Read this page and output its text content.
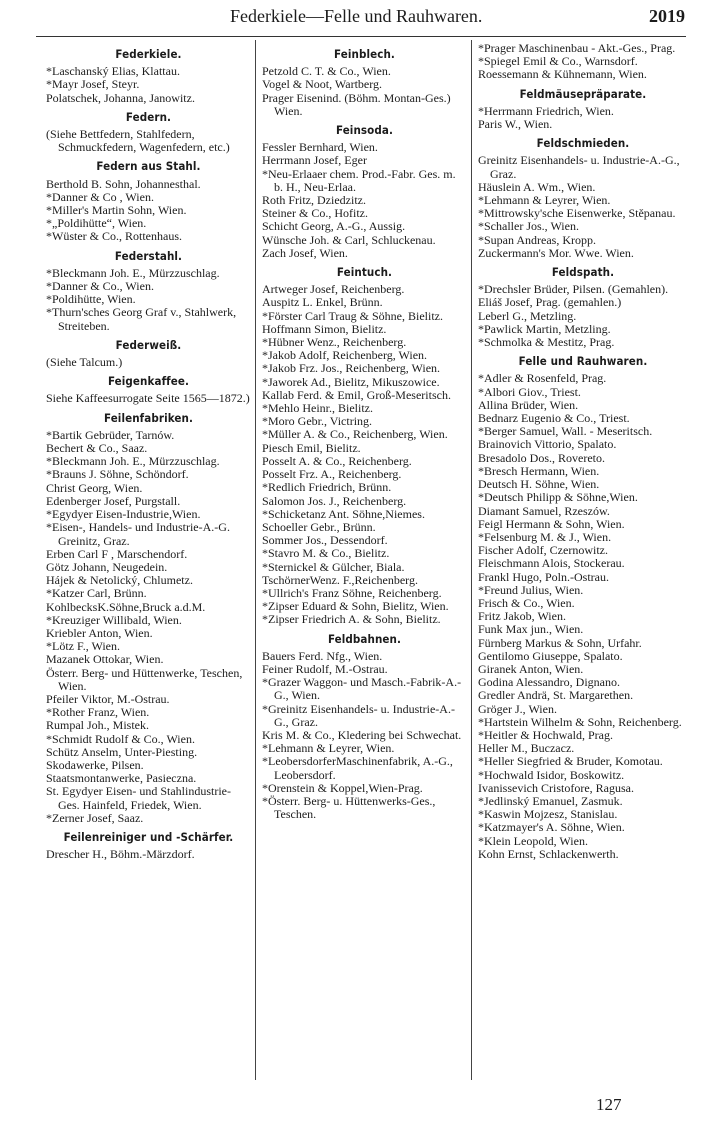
Federkiele—Felle und Rauhwaren.	2019
Federkiele.
*Laschanský Elias, Klattau.
*Mayr Josef, Steyr.
Polatschek, Johanna, Janowitz.
Federn.
(Siehe Bettfedern, Stahlfedern, Schmuckfedern, Wagenfedern, etc.)
Federn aus Stahl.
Berthold B. Sohn, Johannesthal.
*Danner & Co , Wien.
*Miller's Martin Sohn, Wien.
*„Poldihütte“, Wien.
*Wüster & Co., Rottenhaus.
Federstahl.
*Bleckmann Joh. E., Mürzzuschlag.
*Danner & Co., Wien.
*Poldihütte, Wien.
*Thurn'sches Georg Graf v., Stahlwerk, Streiteben.
Federweiß.
(Siehe Talcum.)
Feigenkaffee.
Siehe Kaffeesurrogate Seite 1565—1872.)
Feilenfabriken.
*Bartik Gebrüder, Tarnów.
Bechert & Co., Saaz.
*Bleckmann Joh. E., Mürzzuschlag.
*Brauns J. Söhne, Schöndorf.
Christ Georg, Wien.
Edenberger Josef, Purgstall.
*Egydyer Eisen-Industrie,Wien.
*Eisen-, Handels- und Industrie-A.-G. Greinitz, Graz.
Erben Carl F , Marschendorf.
Götz Johann, Neugedein.
Hájek & Netolický, Chlumetz.
*Katzer Carl, Brünn.
KohlbecksK.Söhne,Bruck a.d.M.
*Kreuziger Willibald, Wien.
Kriebler Anton, Wien.
*Lötz F., Wien.
Mazanek Ottokar, Wien.
Österr. Berg- und Hüttenwerke, Teschen, Wien.
Pfeiler Viktor, M.-Ostrau.
*Rother Franz, Wien.
Rumpal Joh., Mistek.
*Schmidt Rudolf & Co., Wien.
Schütz Anselm, Unter-Piesting.
Skodawerke, Pilsen.
Staatsmontanwerke, Pasieczna.
St. Egydyer Eisen- und Stahlindustrie-Ges. Hainfeld, Friedek, Wien.
*Zerner Josef, Saaz.
Feilenreiniger und -Schärfer.
Drescher H., Böhm.-Märzdorf.
Feinblech.
Petzold C. T. & Co., Wien.
Vogel & Noot, Wartberg.
Prager Eisenind. (Böhm. Montan-Ges.) Wien.
Feinsoda.
Fessler Bernhard, Wien.
Herrmann Josef, Eger
*Neu-Erlaaer chem. Prod.-Fabr. Ges. m. b. H., Neu-Erlaa.
Roth Fritz, Dziedzitz.
Steiner & Co., Hofitz.
Schicht Georg, A.-G., Aussig.
Wünsche Joh. & Carl, Schluckenau.
Zach Josef, Wien.
Feintuch.
Artweger Josef, Reichenberg.
Auspitz L. Enkel, Brünn.
*Förster Carl Traug & Söhne, Bielitz.
Hoffmann Simon, Bielitz.
*Hübner Wenz., Reichenberg.
*Jakob Adolf, Reichenberg, Wien.
*Jakob Frz. Jos., Reichenberg, Wien.
*Jaworek Ad., Bielitz, Mikuszowice.
Kallab Ferd. & Emil, Groß-Meseritsch.
*Mehlo Heinr., Bielitz.
*Moro Gebr., Victring.
*Müller A. & Co., Reichenberg, Wien.
Piesch Emil, Bielitz.
Posselt A. & Co., Reichenberg.
Posselt Frz. A., Reichenberg.
*Redlich Friedrich, Brünn.
Salomon Jos. J., Reichenberg.
*Schicketanz Ant. Söhne,Niemes.
Schoeller Gebr., Brünn.
Sommer Jos., Dessendorf.
*Stavro M. & Co., Bielitz.
*Sternickel & Gülcher, Biala.
TschörnerWenz. F.,Reichenberg.
*Ullrich's Franz Söhne, Reichenberg.
*Zipser Eduard & Sohn, Bielitz, Wien.
*Zipser Friedrich A. & Sohn, Bielitz.
Feldbahnen.
Bauers Ferd. Nfg., Wien.
Feiner Rudolf, M.-Ostrau.
*Grazer Waggon- und Masch.-Fabrik-A.-G., Wien.
*Greinitz Eisenhandels- u. Industrie-A.-G., Graz.
Kris M. & Co., Kledering bei Schwechat.
*Lehmann & Leyrer, Wien.
*LeobersdorferMaschinenfabrik, A.-G., Leobersdorf.
*Orenstein & Koppel,Wien-Prag.
*Österr. Berg- u. Hüttenwerks-Ges., Teschen.
*Prager Maschinenbau - Akt.-Ges., Prag.
*Spiegel Emil & Co., Warnsdorf.
Roessemann & Kühnemann, Wien.
Feldmäusepräparate.
*Herrmann Friedrich, Wien.
Paris W., Wien.
Feldschmieden.
Greinitz Eisenhandels- u. Industrie-A.-G., Graz.
Häuslein A. Wm., Wien.
*Lehmann & Leyrer, Wien.
*Mittrowsky'sche Eisenwerke, Stěpanau.
*Schaller Jos., Wien.
*Supan Andreas, Kropp.
Zuckermann's Mor. Wwe. Wien.
Feldspath.
*Drechsler Brüder, Pilsen. (Gemahlen).
Eliáš Josef, Prag. (gemahlen.)
Leberl G., Metzling.
*Pawlick Martin, Metzling.
*Schmolka & Mestitz, Prag.
Felle und Rauhwaren.
*Adler & Rosenfeld, Prag.
*Albori Giov., Triest.
Allina Brüder, Wien.
Bednarz Eugenio & Co., Triest.
*Berger Samuel, Wall. - Meseritsch.
Brainovich Vittorio, Spalato.
Bresadolo Dos., Rovereto.
*Bresch Hermann, Wien.
Deutsch H. Söhne, Wien.
*Deutsch Philipp & Söhne,Wien.
Diamant Samuel, Rzeszów.
Feigl Hermann & Sohn, Wien.
*Felsenburg M. & J., Wien.
Fischer Adolf, Czernowitz.
Fleischmann Alois, Stockerau.
Frankl Hugo, Poln.-Ostrau.
*Freund Julius, Wien.
Frisch & Co., Wien.
Fritz Jakob, Wien.
Funk Max jun., Wien.
Fürnberg Markus & Sohn, Urfahr.
Gentilomo Giuseppe, Spalato.
Giranek Anton, Wien.
Godina Alessandro, Dignano.
Gredler Andrä, St. Margarethen.
Gröger J., Wien.
*Hartstein Wilhelm & Sohn, Reichenberg.
*Heitler & Hochwald, Prag.
Heller M., Buczacz.
*Heller Siegfried & Bruder, Komotau.
*Hochwald Isidor, Boskowitz.
Ivanissevich Cristofore, Ragusa.
*Jedlinský Emanuel, Zasmuk.
*Kaswin Mojzesz, Stanislau.
*Katzmayer's A. Söhne, Wien.
*Klein Leopold, Wien.
Kohn Ernst, Schlackenwerth.
127
